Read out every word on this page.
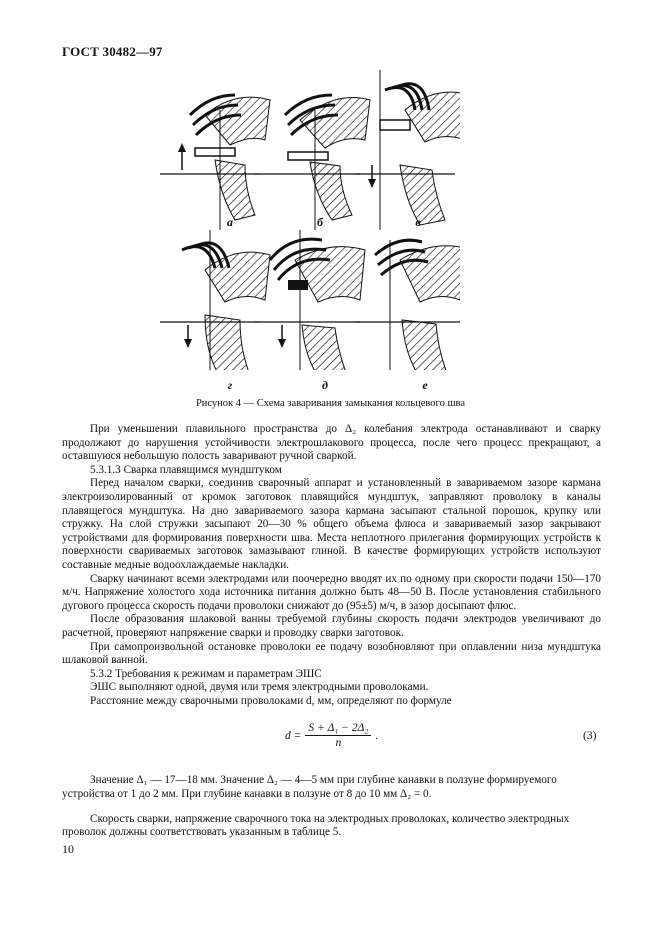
ГОСТ 30482—97
а	б	в
г	д	е
Рисунок 4 — Схема заваривания замыкания кольцевого шва

При уменьшении плавильного пространства до Δ₂ колебания электрода останавливают и сварку продолжают до нарушения устойчивости электрошлакового процесса, после чего процесс прекращают, а оставшуюся небольшую полость заваривают ручной сваркой.

5.3.1.3 Сварка плавящимся мундштуком

Перед началом сварки, соединив сварочный аппарат и установленный в завариваемом зазоре кармана электроизолированный от кромок заготовок плавящийся мундштук, заправляют проволоку в каналы плавящегося мундштука. На дно завариваемого зазора кармана засыпают стальной порошок, крупку или стружку. На слой стружки засыпают 20—30 % общего объема флюса и завариваемый зазор закрывают устройствами для формирования поверхности шва. Места неплотного прилегания формирующих устройств к поверхности свариваемых заготовок замазывают глиной. В качестве формирующих устройств используют составные медные водоохлаждаемые накладки.

Сварку начинают всеми электродами или поочередно вводят их по одному при скорости подачи 150—170 м/ч. Напряжение холостого хода источника питания должно быть 48—50 В. После установления стабильного дугового процесса скорость подачи проволоки снижают до (95±5) м/ч, в зазор досыпают флюс.

После образования шлаковой ванны требуемой глубины скорость подачи электродов увеличивают до расчетной, проверяют напряжение сварки и проводку сварки заготовок.

При самопроизвольной остановке проволоки ее подачу возобновляют при оплавлении низа мундштука шлаковой ванной.

5.3.2 Требования к режимам и параметрам ЭШС

ЭШС выполняют одной, двумя или тремя электродными проволоками.

Расстояние между сварочными проволоками d, мм, определяют по формуле

$d = \frac{\text{S + Δ₁ − 2Δ₂}}{n}$ .	(3)

Значение Δ₁ — 17—18 мм. Значение Δ₂ — 4—5 мм при глубине канавки в ползуне формируемого устройства от 1 до 2 мм. При глубине канавки в ползуне от 8 до 10 мм Δ₂ = 0.

Скорость сварки, напряжение сварочного тока на электродных проволоках, количество электродных проволок должны соответствовать указанным в таблице 5.

10
